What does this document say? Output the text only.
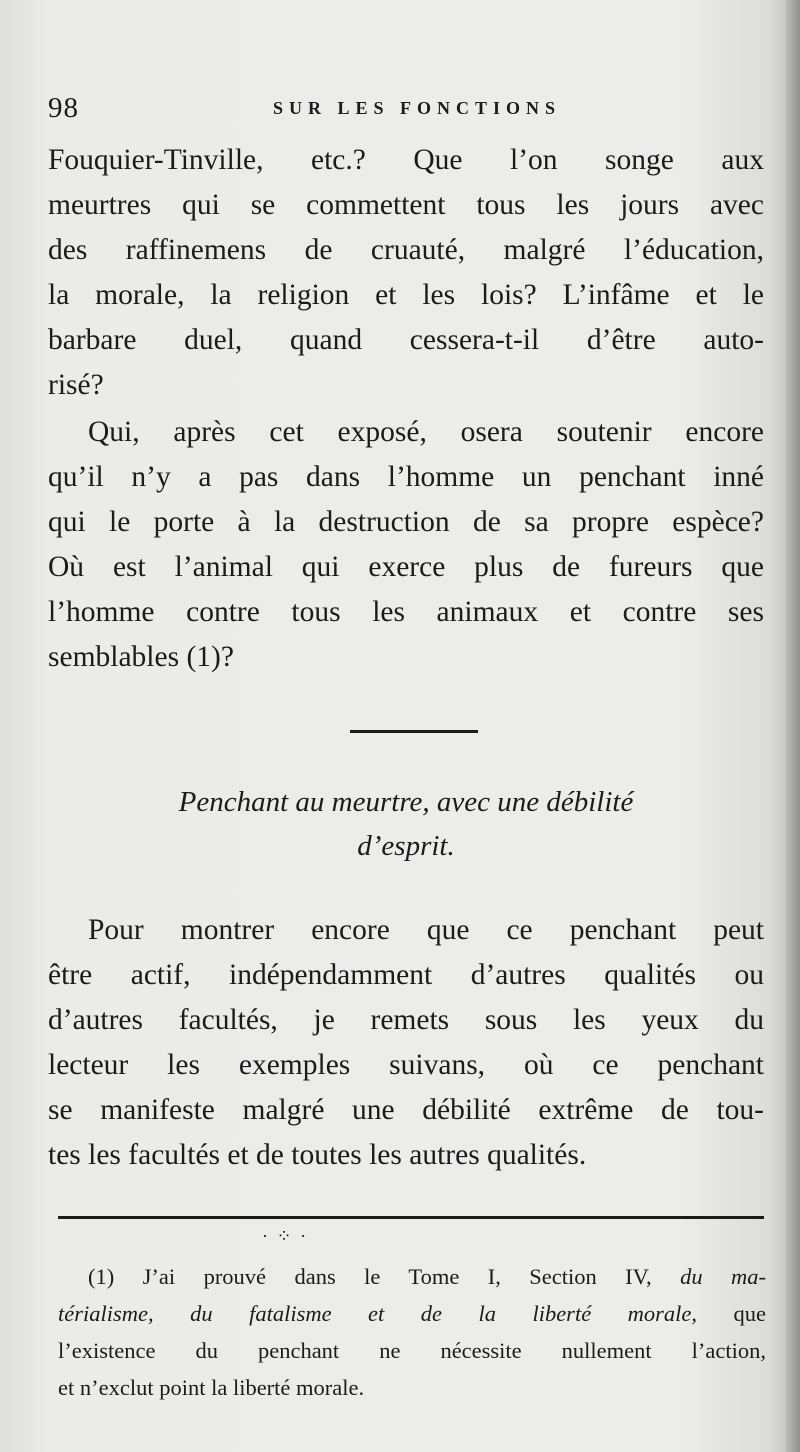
98	SUR LES FONCTIONS
Fouquier-Tinville, etc.? Que l’on songe aux
meurtres qui se commettent tous les jours avec
des raffinemens de cruauté, malgré l’éducation,
la morale, la religion et les lois? L’infâme et le
barbare duel, quand cessera-t-il d’être auto-
risé?
Qui, après cet exposé, osera soutenir encore
qu’il n’y a pas dans l’homme un penchant inné
qui le porte à la destruction de sa propre espèce?
Où est l’animal qui exerce plus de fureurs que
l’homme contre tous les animaux et contre ses
semblables (1)?
Penchant au meurtre, avec une débilité
d’esprit.
Pour montrer encore que ce penchant peut
être actif, indépendamment d’autres qualités ou
d’autres facultés, je remets sous les yeux du
lecteur les exemples suivans, où ce penchant
se manifeste malgré une débilité extrême de tou-
tes les facultés et de toutes les autres qualités.
· ⁘ ·
(1) J’ai prouvé dans le Tome I, Section IV, du ma-
térialisme, du fatalisme et de la liberté morale, que
l’existence du penchant ne nécessite nullement l’action,
et n’exclut point la liberté morale.
